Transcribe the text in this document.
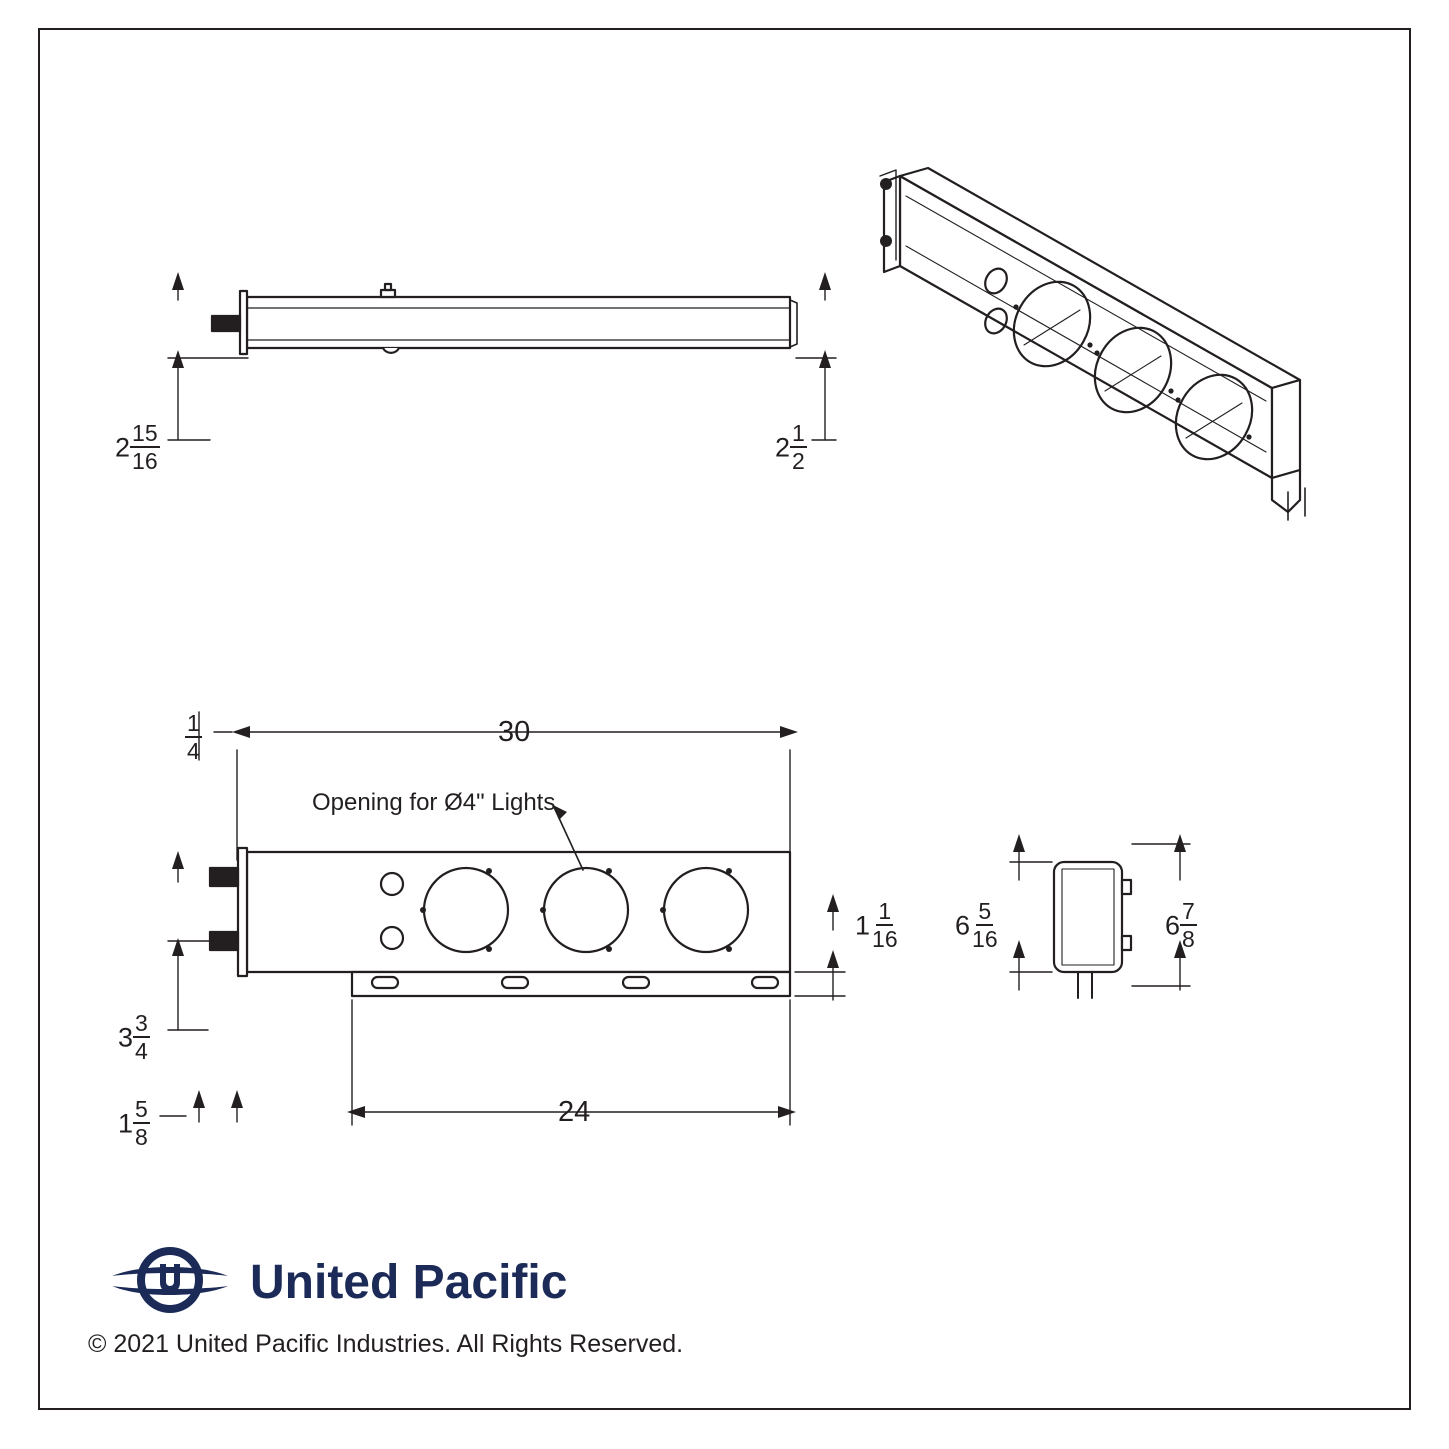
$2 \frac{15}{16}$	$2 \frac{1}{2}$
$\frac{1}{4}$	30
24
$1 \frac{1}{16}$
$3 \frac{3}{4}$
$1 \frac{5}{8}$
$6 \frac{5}{16}$	$6 \frac{7}{8}$
Opening for Ø4" Lights
United Pacific
© 2021 United Pacific Industries. All Rights Reserved.
